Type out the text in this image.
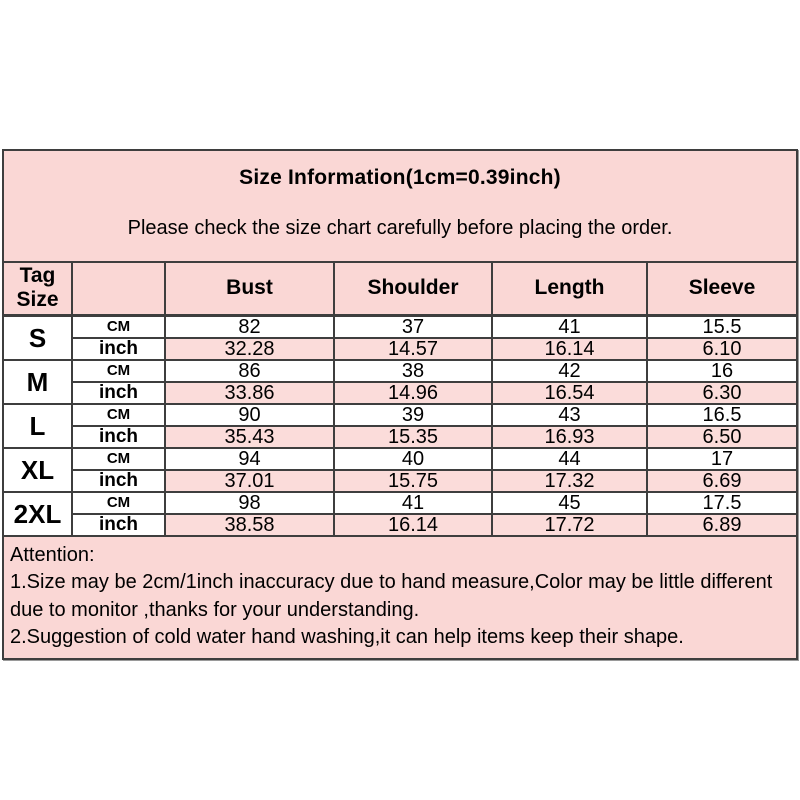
Size Information(1cm=0.39inch)
Please check the size chart carefully before placing the order.
Tag Size		Bust	Shoulder	Length	Sleeve
S	CM	82	37	41	15.5
	inch	32.28	14.57	16.14	6.10
M	CM	86	38	42	16
	inch	33.86	14.96	16.54	6.30
L	CM	90	39	43	16.5
	inch	35.43	15.35	16.93	6.50
XL	CM	94	40	44	17
	inch	37.01	15.75	17.32	6.69
2XL	CM	98	41	45	17.5
	inch	38.58	16.14	17.72	6.89
Attention:
1.Size may be 2cm/1inch inaccuracy due to hand measure,Color may be little different due to monitor ,thanks for your understanding.
2.Suggestion of cold water hand washing,it can help items keep their shape.
